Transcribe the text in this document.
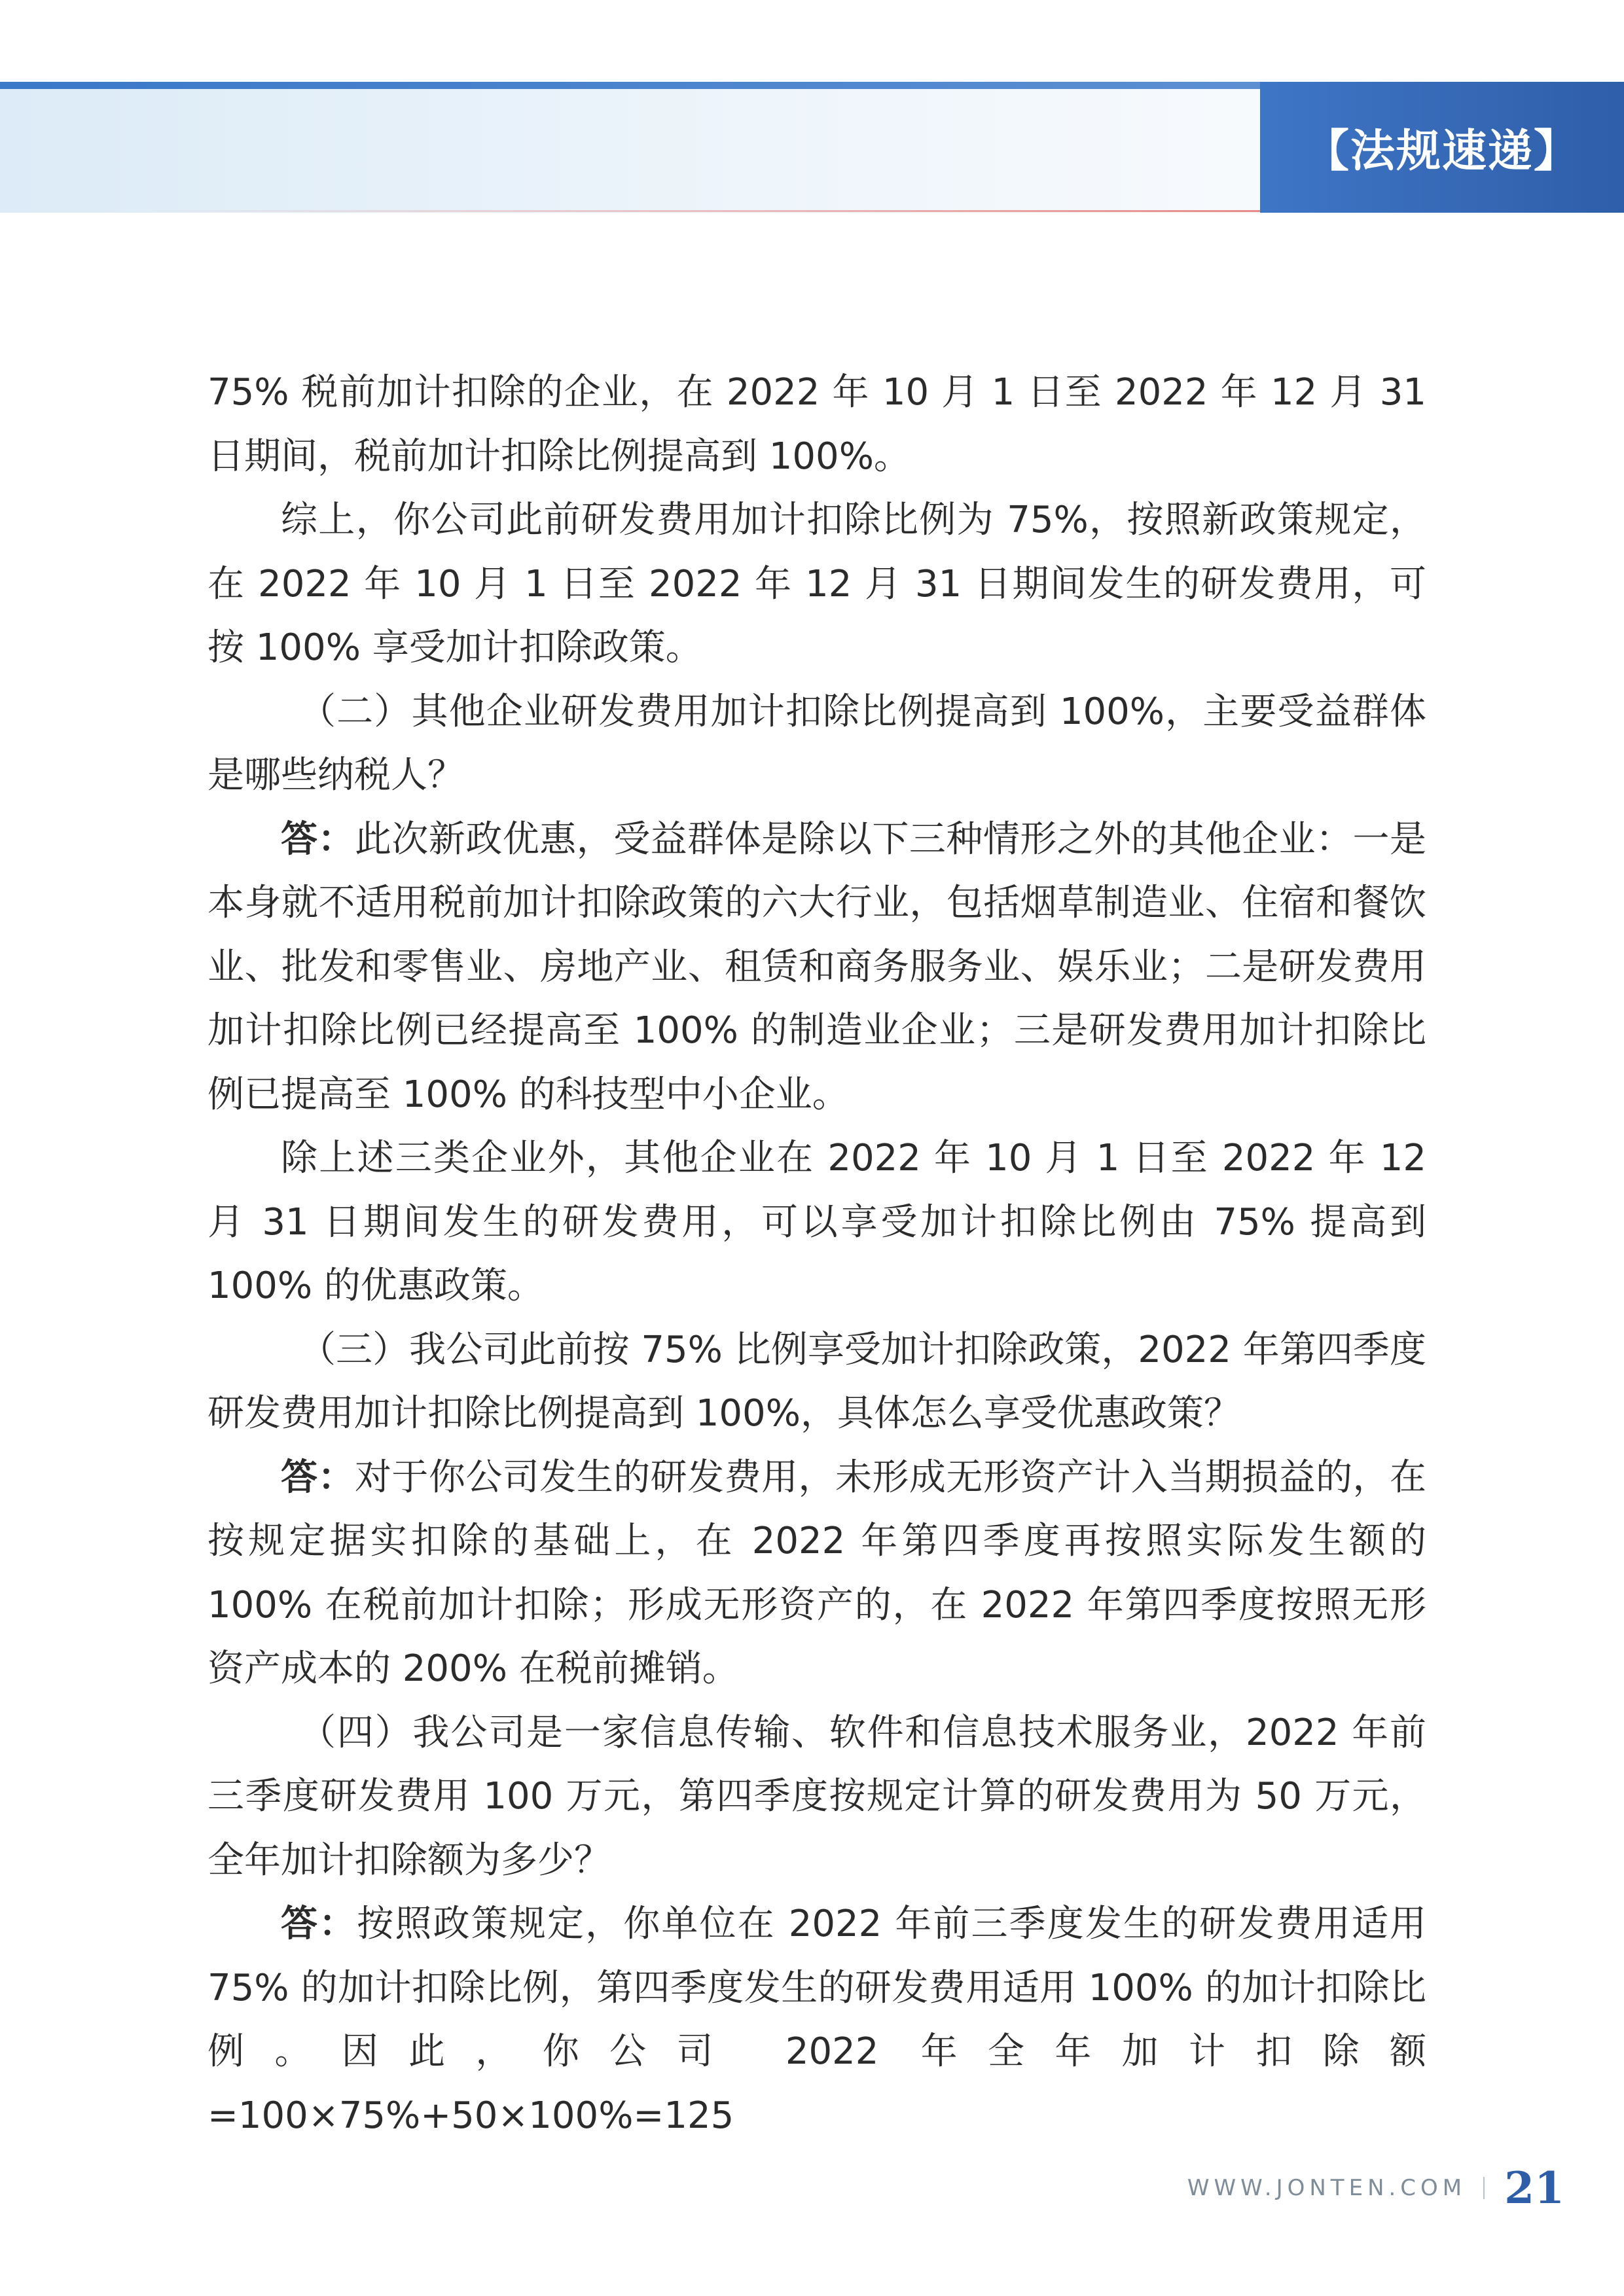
【法规速递】

75% 税前加计扣除的企业，在 2022 年 10 月 1 日至 2022 年 12 月 31 日期间，税前加计扣除比例提高到 100%。

综上，你公司此前研发费用加计扣除比例为 75%，按照新政策规定，在 2022 年 10 月 1 日至 2022 年 12 月 31 日期间发生的研发费用，可按 100% 享受加计扣除政策。

（二）其他企业研发费用加计扣除比例提高到 100%，主要受益群体是哪些纳税人？

答：此次新政优惠，受益群体是除以下三种情形之外的其他企业：一是本身就不适用税前加计扣除政策的六大行业，包括烟草制造业、住宿和餐饮业、批发和零售业、房地产业、租赁和商务服务业、娱乐业；二是研发费用加计扣除比例已经提高至 100% 的制造业企业；三是研发费用加计扣除比例已提高至 100% 的科技型中小企业。

除上述三类企业外，其他企业在 2022 年 10 月 1 日至 2022 年 12 月 31 日期间发生的研发费用，可以享受加计扣除比例由 75% 提高到 100% 的优惠政策。

（三）我公司此前按 75% 比例享受加计扣除政策，2022 年第四季度研发费用加计扣除比例提高到 100%，具体怎么享受优惠政策？

答：对于你公司发生的研发费用，未形成无形资产计入当期损益的，在按规定据实扣除的基础上，在 2022 年第四季度再按照实际发生额的 100% 在税前加计扣除；形成无形资产的，在 2022 年第四季度按照无形资产成本的 200% 在税前摊销。

（四）我公司是一家信息传输、软件和信息技术服务业，2022 年前三季度研发费用 100 万元，第四季度按规定计算的研发费用为 50 万元，全年加计扣除额为多少？

答：按照政策规定，你单位在 2022 年前三季度发生的研发费用适用 75% 的加计扣除比例，第四季度发生的研发费用适用 100% 的加计扣除比例。因此，你公司 2022 年全年加计扣除额 =100×75%+50×100%=125

WWW.JONTEN.COM 21
